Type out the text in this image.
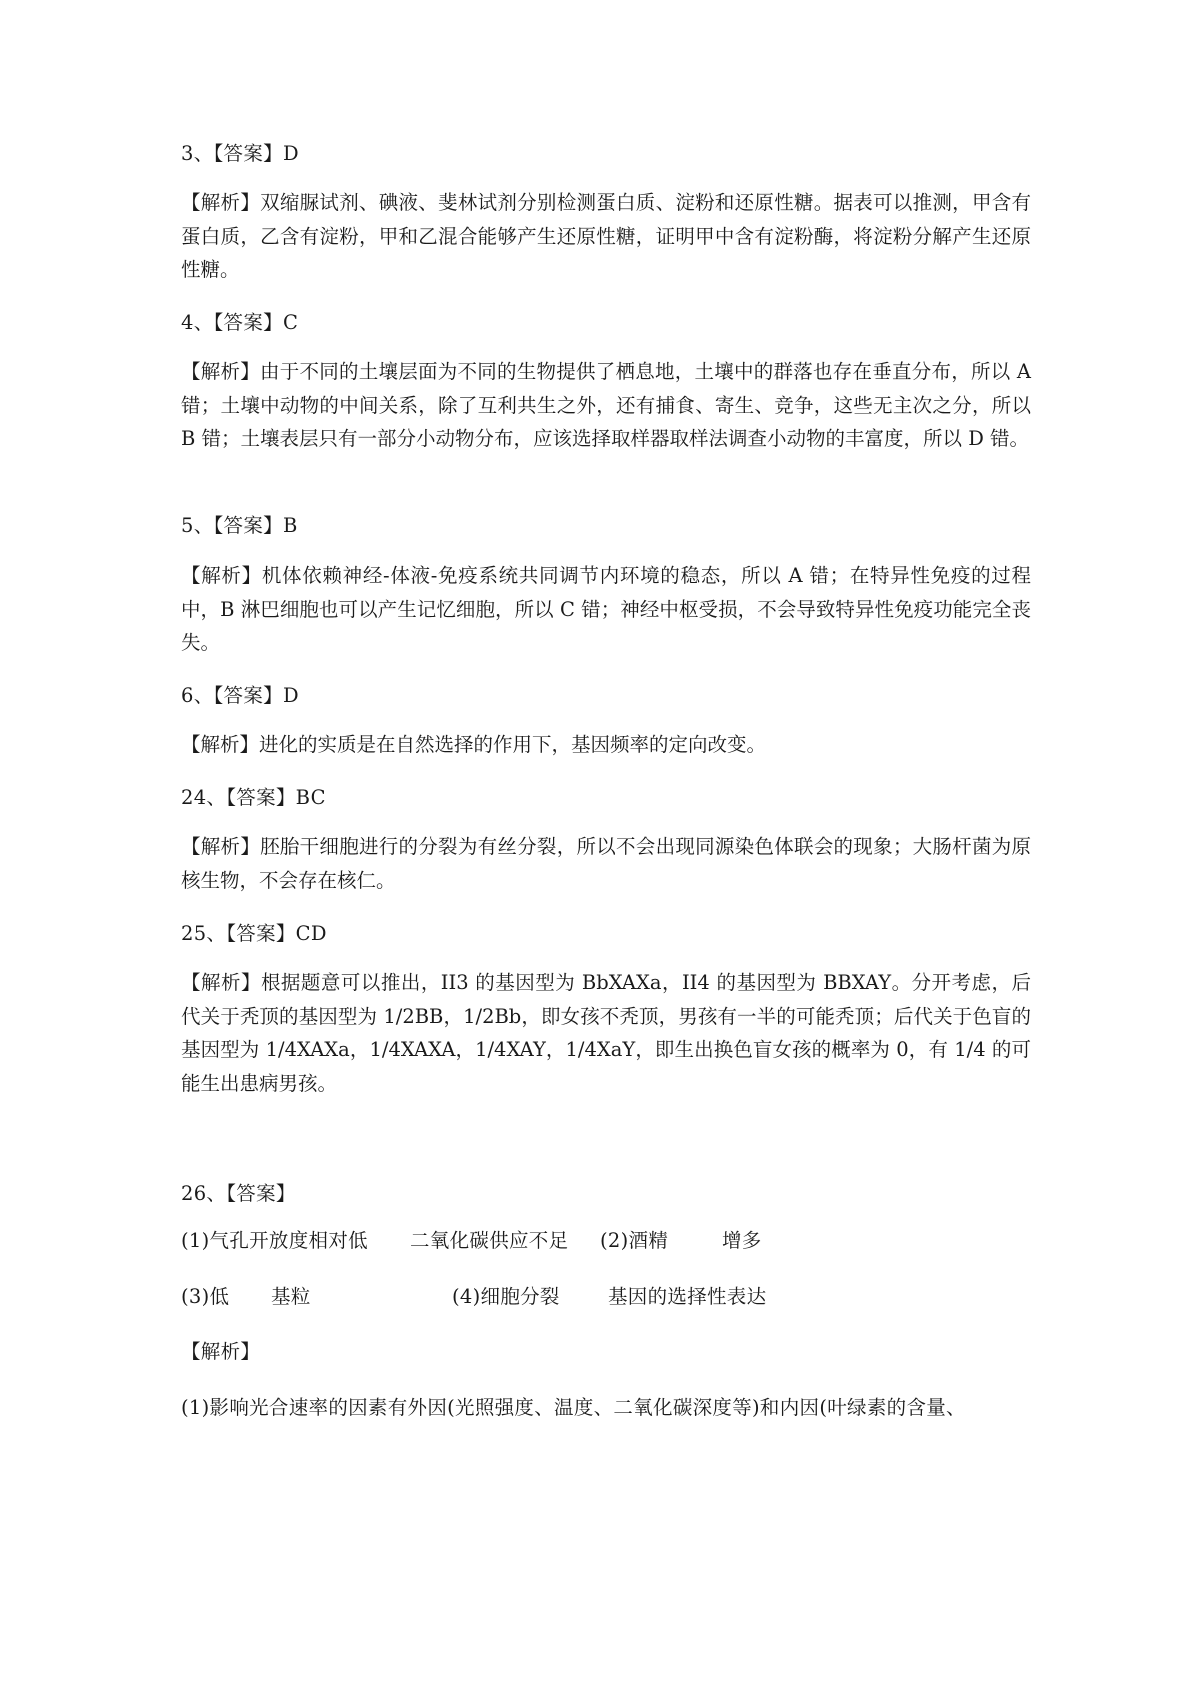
3、【答案】D
【解析】双缩脲试剂、碘液、斐林试剂分别检测蛋白质、淀粉和还原性糖。据表可以推测，甲含有蛋白质，乙含有淀粉，甲和乙混合能够产生还原性糖，证明甲中含有淀粉酶，将淀粉分解产生还原性糖。
4、【答案】C
【解析】由于不同的土壤层面为不同的生物提供了栖息地，土壤中的群落也存在垂直分布，所以 A 错；土壤中动物的中间关系，除了互利共生之外，还有捕食、寄生、竞争，这些无主次之分，所以 B 错；土壤表层只有一部分小动物分布，应该选择取样器取样法调查小动物的丰富度，所以 D 错。
5、【答案】B
【解析】机体依赖神经-体液-免疫系统共同调节内环境的稳态，所以 A 错；在特异性免疫的过程中，B 淋巴细胞也可以产生记忆细胞，所以 C 错；神经中枢受损，不会导致特异性免疫功能完全丧失。
6、【答案】D
【解析】进化的实质是在自然选择的作用下，基因频率的定向改变。
24、【答案】BC
【解析】胚胎干细胞进行的分裂为有丝分裂，所以不会出现同源染色体联会的现象；大肠杆菌为原核生物，不会存在核仁。
25、【答案】CD
【解析】根据题意可以推出，II3 的基因型为 BbXAXa，II4 的基因型为 BBXAY。分开考虑，后代关于秃顶的基因型为 1/2BB，1/2Bb，即女孩不秃顶，男孩有一半的可能秃顶；后代关于色盲的基因型为 1/4XAXa，1/4XAXA，1/4XAY，1/4XaY，即生出换色盲女孩的概率为 0，有 1/4 的可能生出患病男孩。
26、【答案】
(1)气孔开放度相对低 二氧化碳供应不足 (2)酒精	增多
(3)低 基粒	(4)细胞分裂 基因的选择性表达
【解析】
(1)影响光合速率的因素有外因(光照强度、温度、二氧化碳深度等)和内因(叶绿素的含量、
